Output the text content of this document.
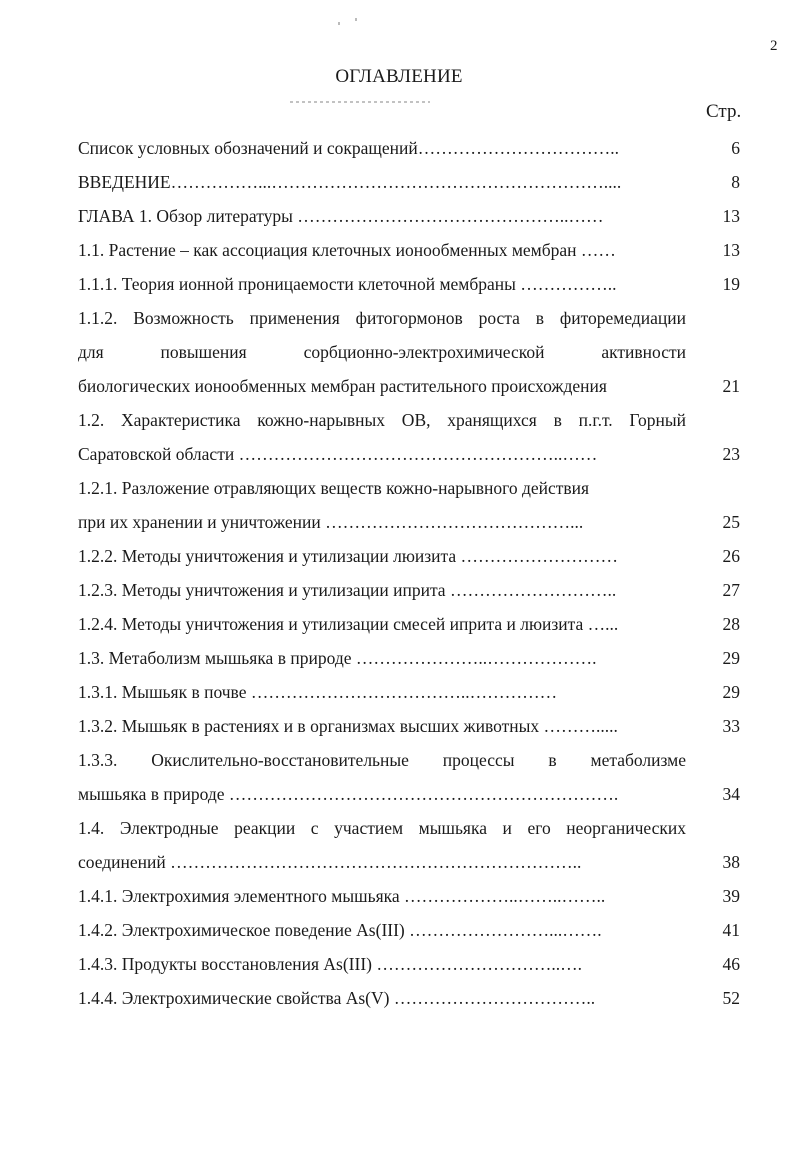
2
ОГЛАВЛЕНИЕ
Стр.
Список условных обозначений и сокращений……………………………..	6
ВВЕДЕНИЕ……………...…………………………………………………....	8
ГЛАВА 1. Обзор литературы ………………………………………..……	13
1.1. Растение – как ассоциация клеточных ионообменных мембран ……	13
1.1.1. Теория ионной проницаемости клеточной мембраны ……………..	19
1.1.2. Возможность применения фитогормонов роста в фиторемедиации
для повышения сорбционно-электрохимической активности
биологических ионообменных мембран растительного происхождения	21
1.2. Характеристика кожно-нарывных ОВ, хранящихся в п.г.т. Горный
Саратовской области ………………………………………………..……	23
1.2.1. Разложение отравляющих веществ кожно-нарывного действия
при их хранении и уничтожении ……………………………………...	25
1.2.2. Методы уничтожения и утилизации люизита ………………………	26
1.2.3. Методы уничтожения и утилизации иприта ………………………..	27
1.2.4. Методы уничтожения и утилизации смесей иприта и люизита …...	28
1.3. Метаболизм мышьяка в природе …………………..……………….	29
1.3.1. Мышьяк в почве ………………………………..……………	29
1.3.2. Мышьяк в растениях и в организмах высших животных ……….....	33
1.3.3. Окислительно-восстановительные процессы в метаболизме
мышьяка в природе ………………………………………………………….	34
1.4. Электродные реакции с участием мышьяка и его неорганических
соединений ……………………………………………………………..	38
1.4.1. Электрохимия элементного мышьяка ………………..……..……..	39
1.4.2. Электрохимическое поведение As(III) ……………………...…….	41
1.4.3. Продукты восстановления As(III) …………………………..….	46
1.4.4. Электрохимические свойства As(V) ……………………………..	52
